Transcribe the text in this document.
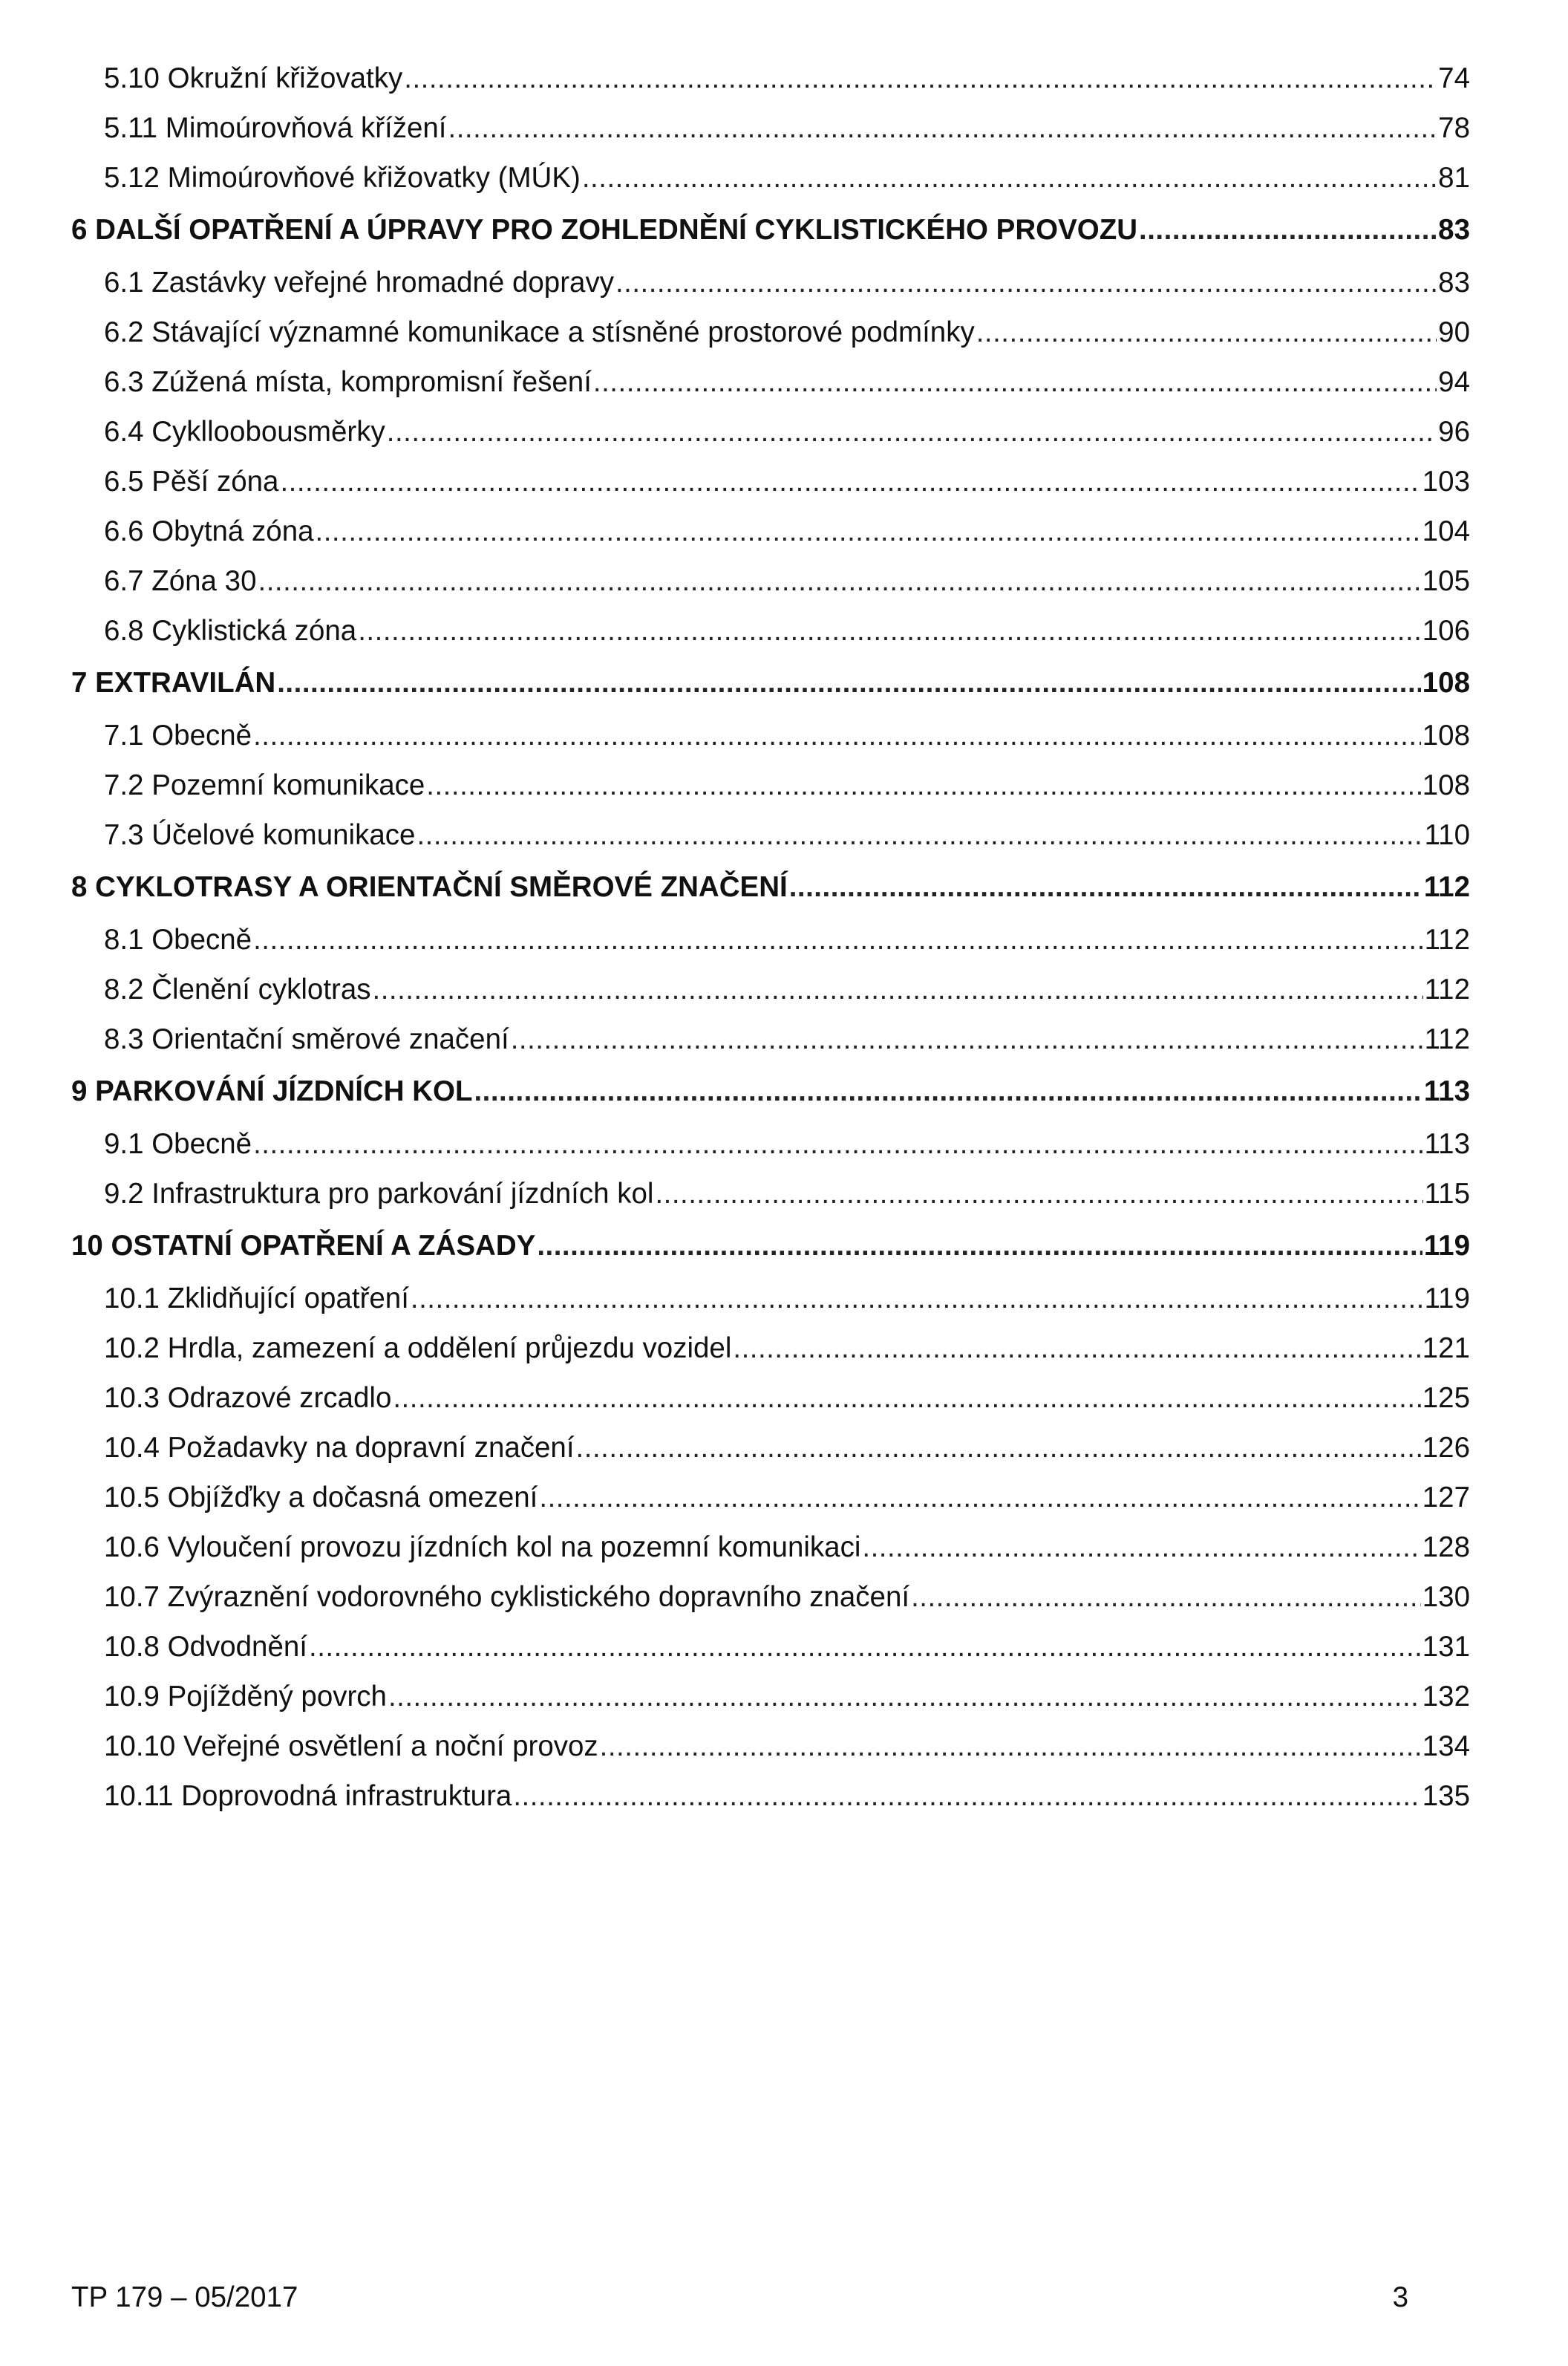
5.10 Okružní křižovatky .....	74
5.11 Mimoúrovňová křížení .....	78
5.12 Mimoúrovňové křižovatky (MÚK) .....	81
6 DALŠÍ OPATŘENÍ A ÚPRAVY PRO ZOHLEDNĚNÍ CYKLISTICKÉHO PROVOZU .....	83
6.1 Zastávky veřejné hromadné dopravy .....	83
6.2 Stávající významné komunikace a stísněné prostorové podmínky .....	90
6.3 Zúžená místa, kompromisní řešení .....	94
6.4 Cyklloobousměrky .....	96
6.5 Pěší zóna .....	103
6.6 Obytná zóna .....	104
6.7 Zóna 30 .....	105
6.8 Cyklistická zóna .....	106
7 EXTRAVILÁN .....	108
7.1 Obecně .....	108
7.2 Pozemní komunikace .....	108
7.3 Účelové komunikace .....	110
8 CYKLOTRASY A ORIENTAČNÍ SMĚROVÉ ZNAČENÍ .....	112
8.1 Obecně .....	112
8.2 Členění cyklotras .....	112
8.3 Orientační směrové značení .....	112
9 PARKOVÁNÍ JÍZDNÍCH KOL .....	113
9.1 Obecně .....	113
9.2 Infrastruktura pro parkování jízdních kol .....	115
10 OSTATNÍ OPATŘENÍ A ZÁSADY .....	119
10.1 Zklidňující opatření .....	119
10.2 Hrdla, zamezení a oddělení průjezdu vozidel .....	121
10.3 Odrazové zrcadlo .....	125
10.4 Požadavky na dopravní značení .....	126
10.5 Objížďky a dočasná omezení .....	127
10.6 Vyloučení provozu jízdních kol na pozemní komunikaci .....	128
10.7 Zvýraznění vodorovného cyklistického dopravního značení .....	130
10.8 Odvodnění .....	131
10.9 Pojížděný povrch .....	132
10.10 Veřejné osvětlení a noční provoz .....	134
10.11 Doprovodná infrastruktura .....	135
TP 179 – 05/2017	3
